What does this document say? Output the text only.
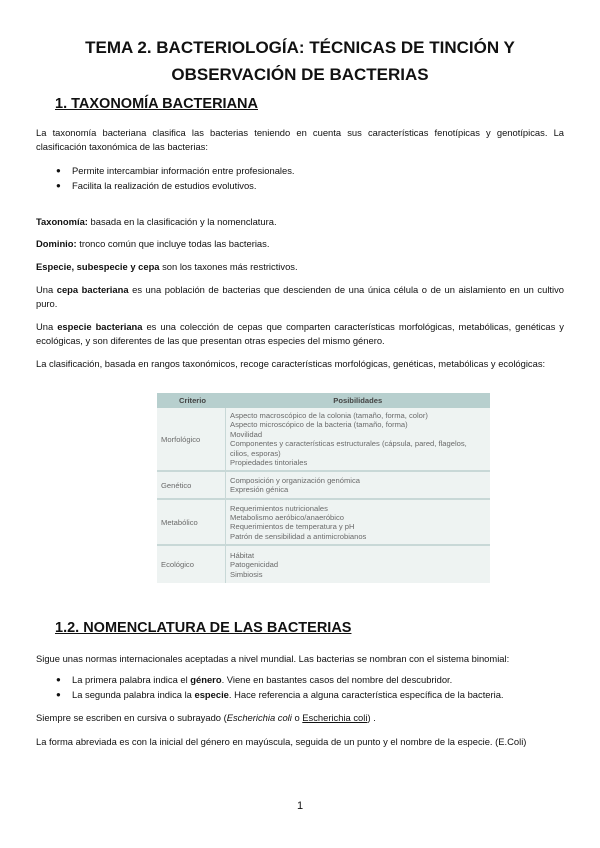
TEMA 2. BACTERIOLOGÍA: TÉCNICAS DE TINCIÓN Y
OBSERVACIÓN DE BACTERIAS
1. TAXONOMÍA BACTERIANA

La taxonomía bacteriana clasifica las bacterias teniendo en cuenta sus características fenotípicas y genotípicas. La clasificación taxonómica de las bacterias:

● Permite intercambiar información entre profesionales.
● Facilita la realización de estudios evolutivos.

Taxonomía: basada en la clasificación y la nomenclatura.

Dominio: tronco común que incluye todas las bacterias.

Especie, subespecie y cepa son los taxones más restrictivos.

Una cepa bacteriana es una población de bacterias que descienden de una única célula o de un aislamiento en un cultivo puro.

Una especie bacteriana es una colección de cepas que comparten características morfológicas, metabólicas, genéticas y ecológicas, y son diferentes de las que presentan otras especies del mismo género.

La clasificación, basada en rangos taxonómicos, recoge características morfológicas, genéticas, metabólicas y ecológicas:

Criterio	Posibilidades
Morfológico	Aspecto macroscópico de la colonia (tamaño, forma, color)
Aspecto microscópico de la bacteria (tamaño, forma)
Movilidad
Componentes y características estructurales (cápsula, pared, flagelos, cilios, esporas)
Propiedades tintoriales

Genético	Composición y organización genómica
Expresión génica

Metabólico	Requerimientos nutricionales
Metabolismo aeróbico/anaeróbico
Requerimientos de temperatura y pH
Patrón de sensibilidad a antimicrobianos

Ecológico	Hábitat
Patogenicidad
Simbiosis
1.2. NOMENCLATURA DE LAS BACTERIAS

Sigue unas normas internacionales aceptadas a nivel mundial. Las bacterias se nombran con el sistema binomial:

● La primera palabra indica el género. Viene en bastantes casos del nombre del descubridor.
● La segunda palabra indica la especie. Hace referencia a alguna característica específica de la bacteria.

Siempre se escriben en cursiva o subrayado (Escherichia coli o Escherichia coli) .

La forma abreviada es con la inicial del género en mayúscula, seguida de un punto y el nombre de la especie. (E.Coli)

1
